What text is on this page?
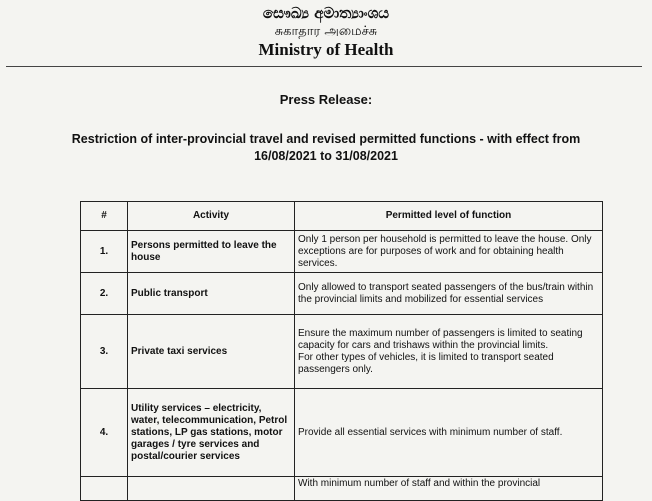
සෞඛ්‍ය අමාත්‍යාංශය
சுகாதார அமைச்சு
Ministry of Health
Press Release:
Restriction of inter-provincial travel and revised permitted functions - with effect from
16/08/2021 to 31/08/2021
#	Activity	Permitted level of function
1.	Persons permitted to leave the house	Only 1 person per household is permitted to leave the house. Only exceptions are for purposes of work and for obtaining health services.

2.	Public transport	Only allowed to transport seated passengers of the bus/train within the provincial limits and mobilized for essential services

3.	Private taxi services	Ensure the maximum number of passengers is limited to seating capacity for cars and trishaws within the provincial limits.

For other types of vehicles, it is limited to transport seated passengers only.

4.	Utility services – electricity, water, telecommunication, Petrol stations, LP gas stations, motor garages / tyre services and postal/courier services	Provide all essential services with minimum number of staff.

		With minimum number of staff and within the provincial
